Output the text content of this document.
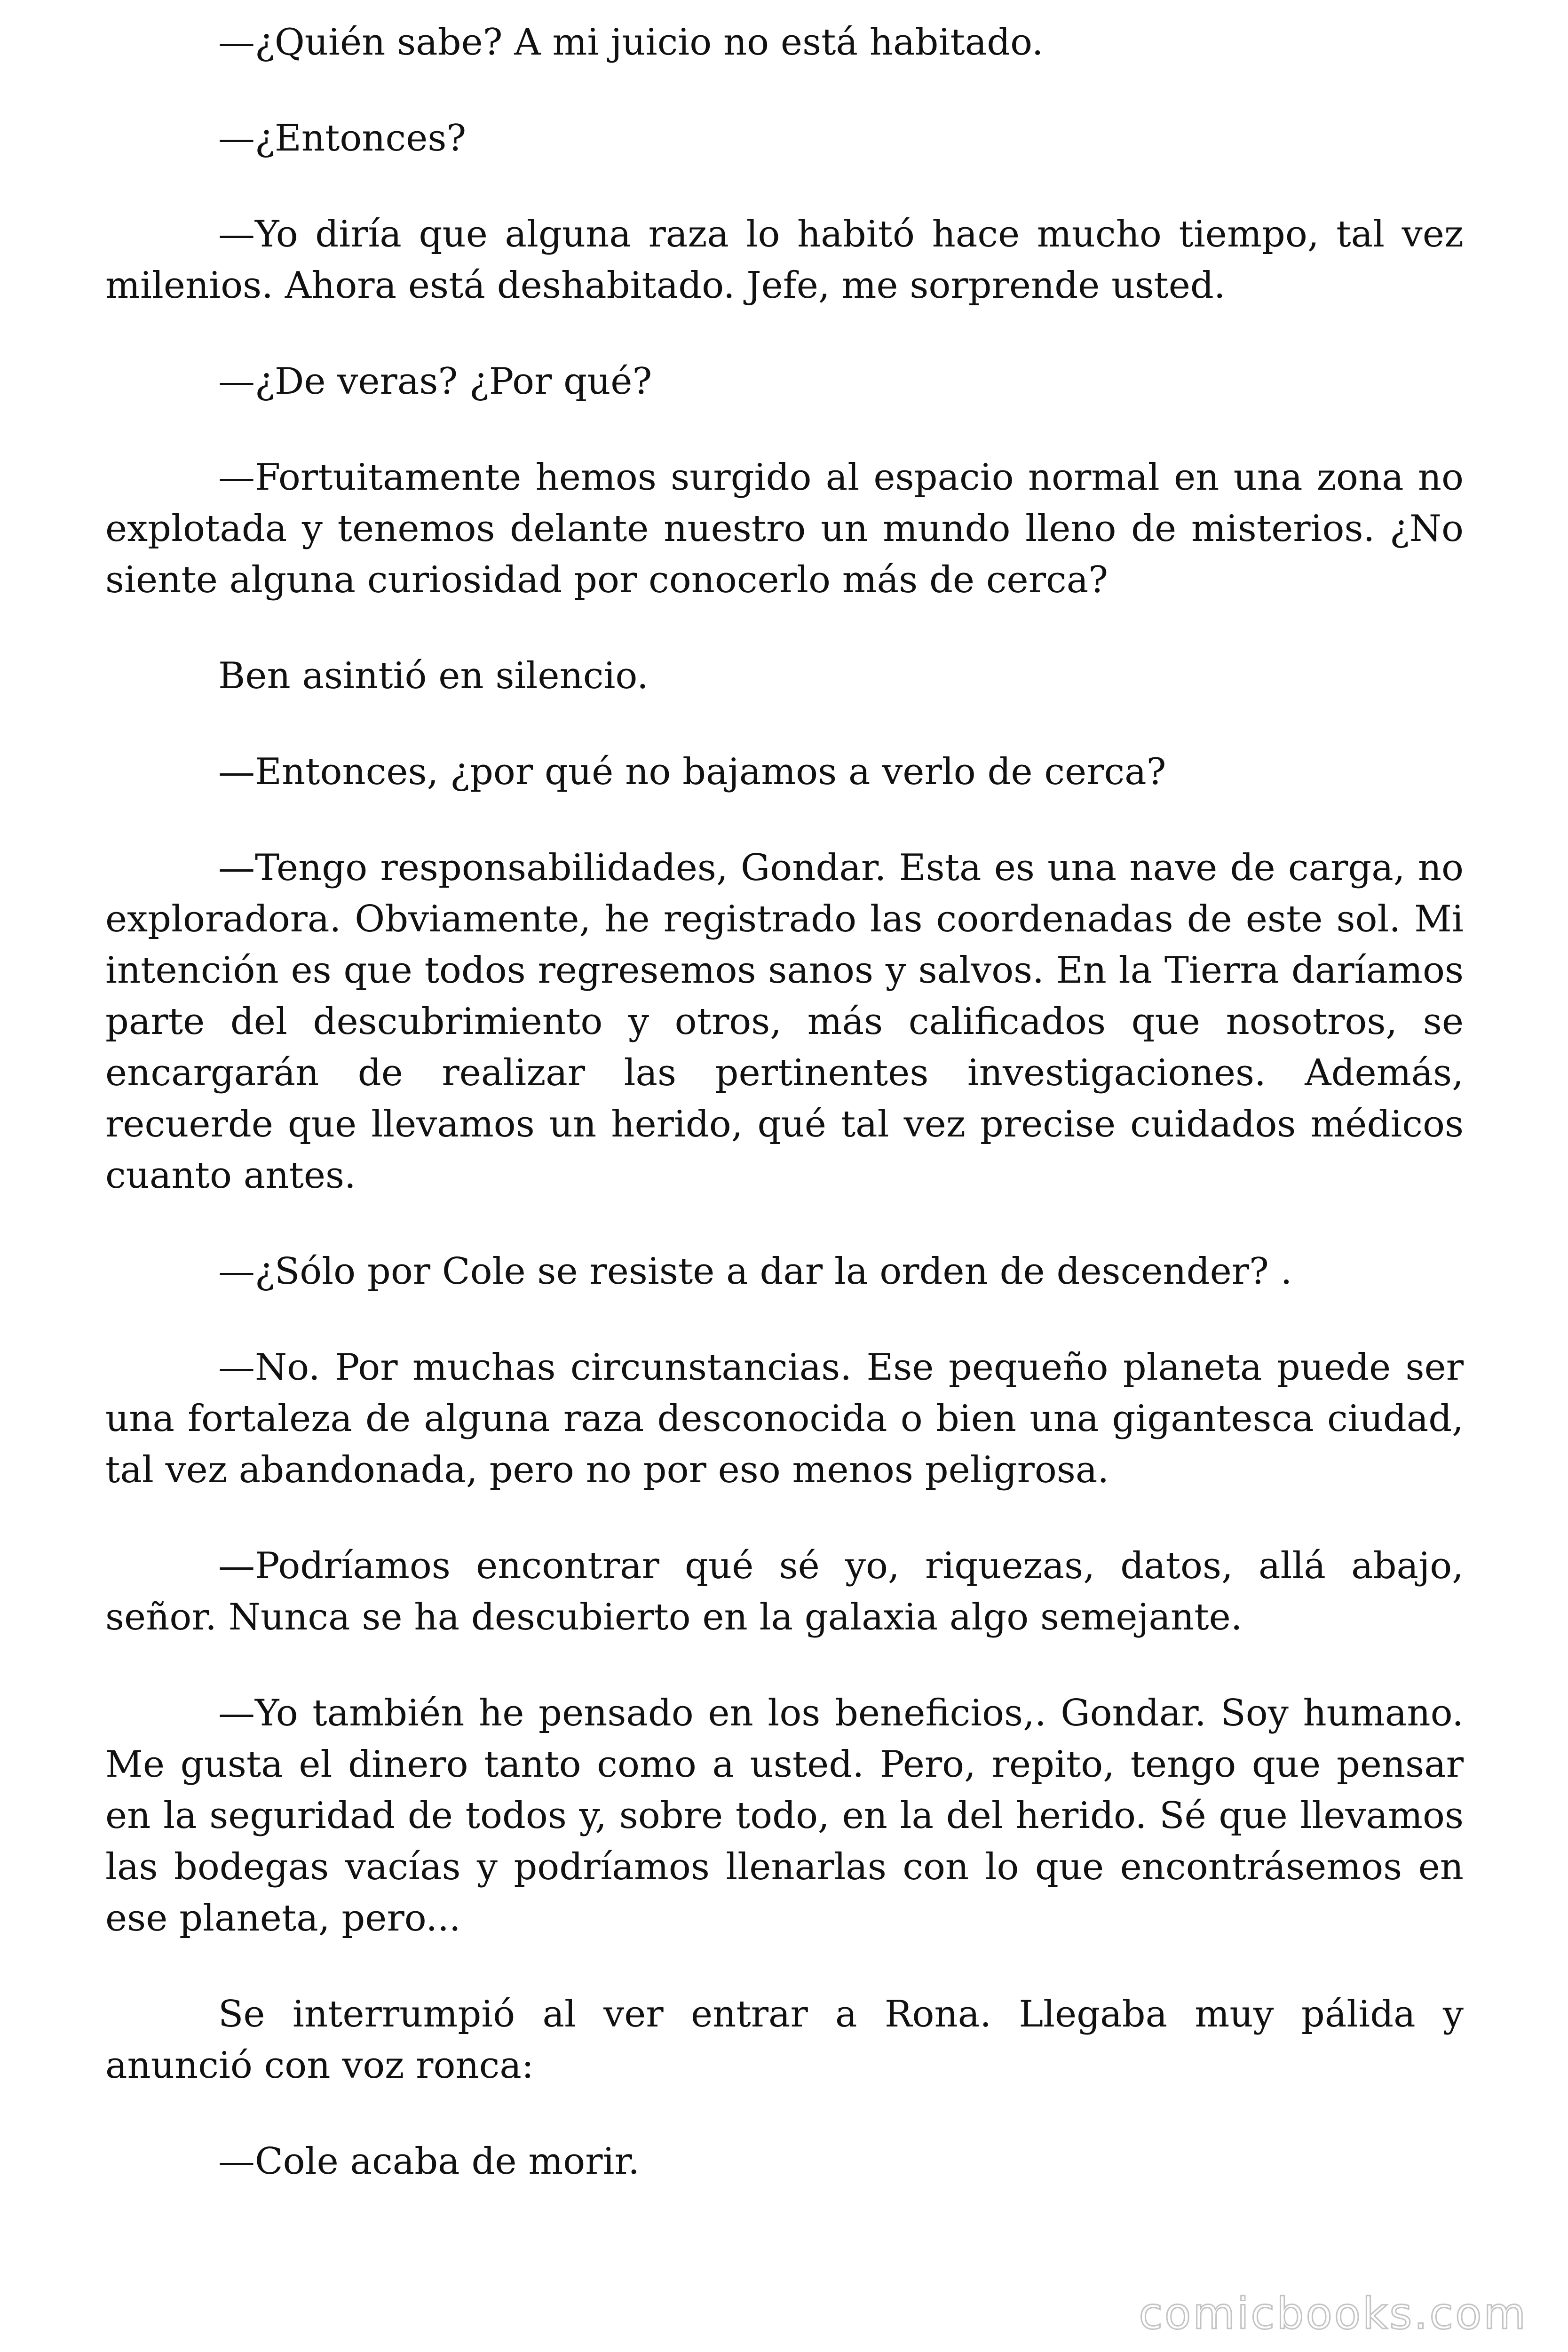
—¿Quién sabe? A mi juicio no está habitado.

—¿Entonces?

—Yo diría que alguna raza lo habitó hace mucho tiempo, tal vez milenios. Ahora está deshabitado. Jefe, me sorprende usted.

—¿De veras? ¿Por qué?

—Fortuitamente hemos surgido al espacio normal en una zona no explotada y tenemos delante nuestro un mundo lleno de misterios. ¿No siente alguna curiosidad por conocerlo más de cerca?

Ben asintió en silencio.

—Entonces, ¿por qué no bajamos a verlo de cerca?

—Tengo responsabilidades, Gondar. Esta es una nave de carga, no exploradora. Obviamente, he registrado las coordenadas de este sol. Mi intención es que todos regresemos sanos y salvos. En la Tierra daríamos parte del descubrimiento y otros, más calificados que nosotros, se encargarán de realizar las pertinentes investigaciones. Además, recuerde que llevamos un herido, qué tal vez precise cuidados médicos cuanto antes.

—¿Sólo por Cole se resiste a dar la orden de descender? .

—No. Por muchas circunstancias. Ese pequeño planeta puede ser una fortaleza de alguna raza desconocida o bien una gigantesca ciudad, tal vez abandonada, pero no por eso menos peligrosa.

—Podríamos encontrar qué sé yo, riquezas, datos, allá abajo, señor. Nunca se ha descubierto en la galaxia algo semejante.

—Yo también he pensado en los beneficios,. Gondar. Soy humano. Me gusta el dinero tanto como a usted. Pero, repito, tengo que pensar en la seguridad de todos y, sobre todo, en la del herido. Sé que llevamos las bodegas vacías y podríamos llenarlas con lo que encontrásemos en ese planeta, pero...

Se interrumpió al ver entrar a Rona. Llegaba muy pálida y anunció con voz ronca:

—Cole acaba de morir.

comicbooks.com
